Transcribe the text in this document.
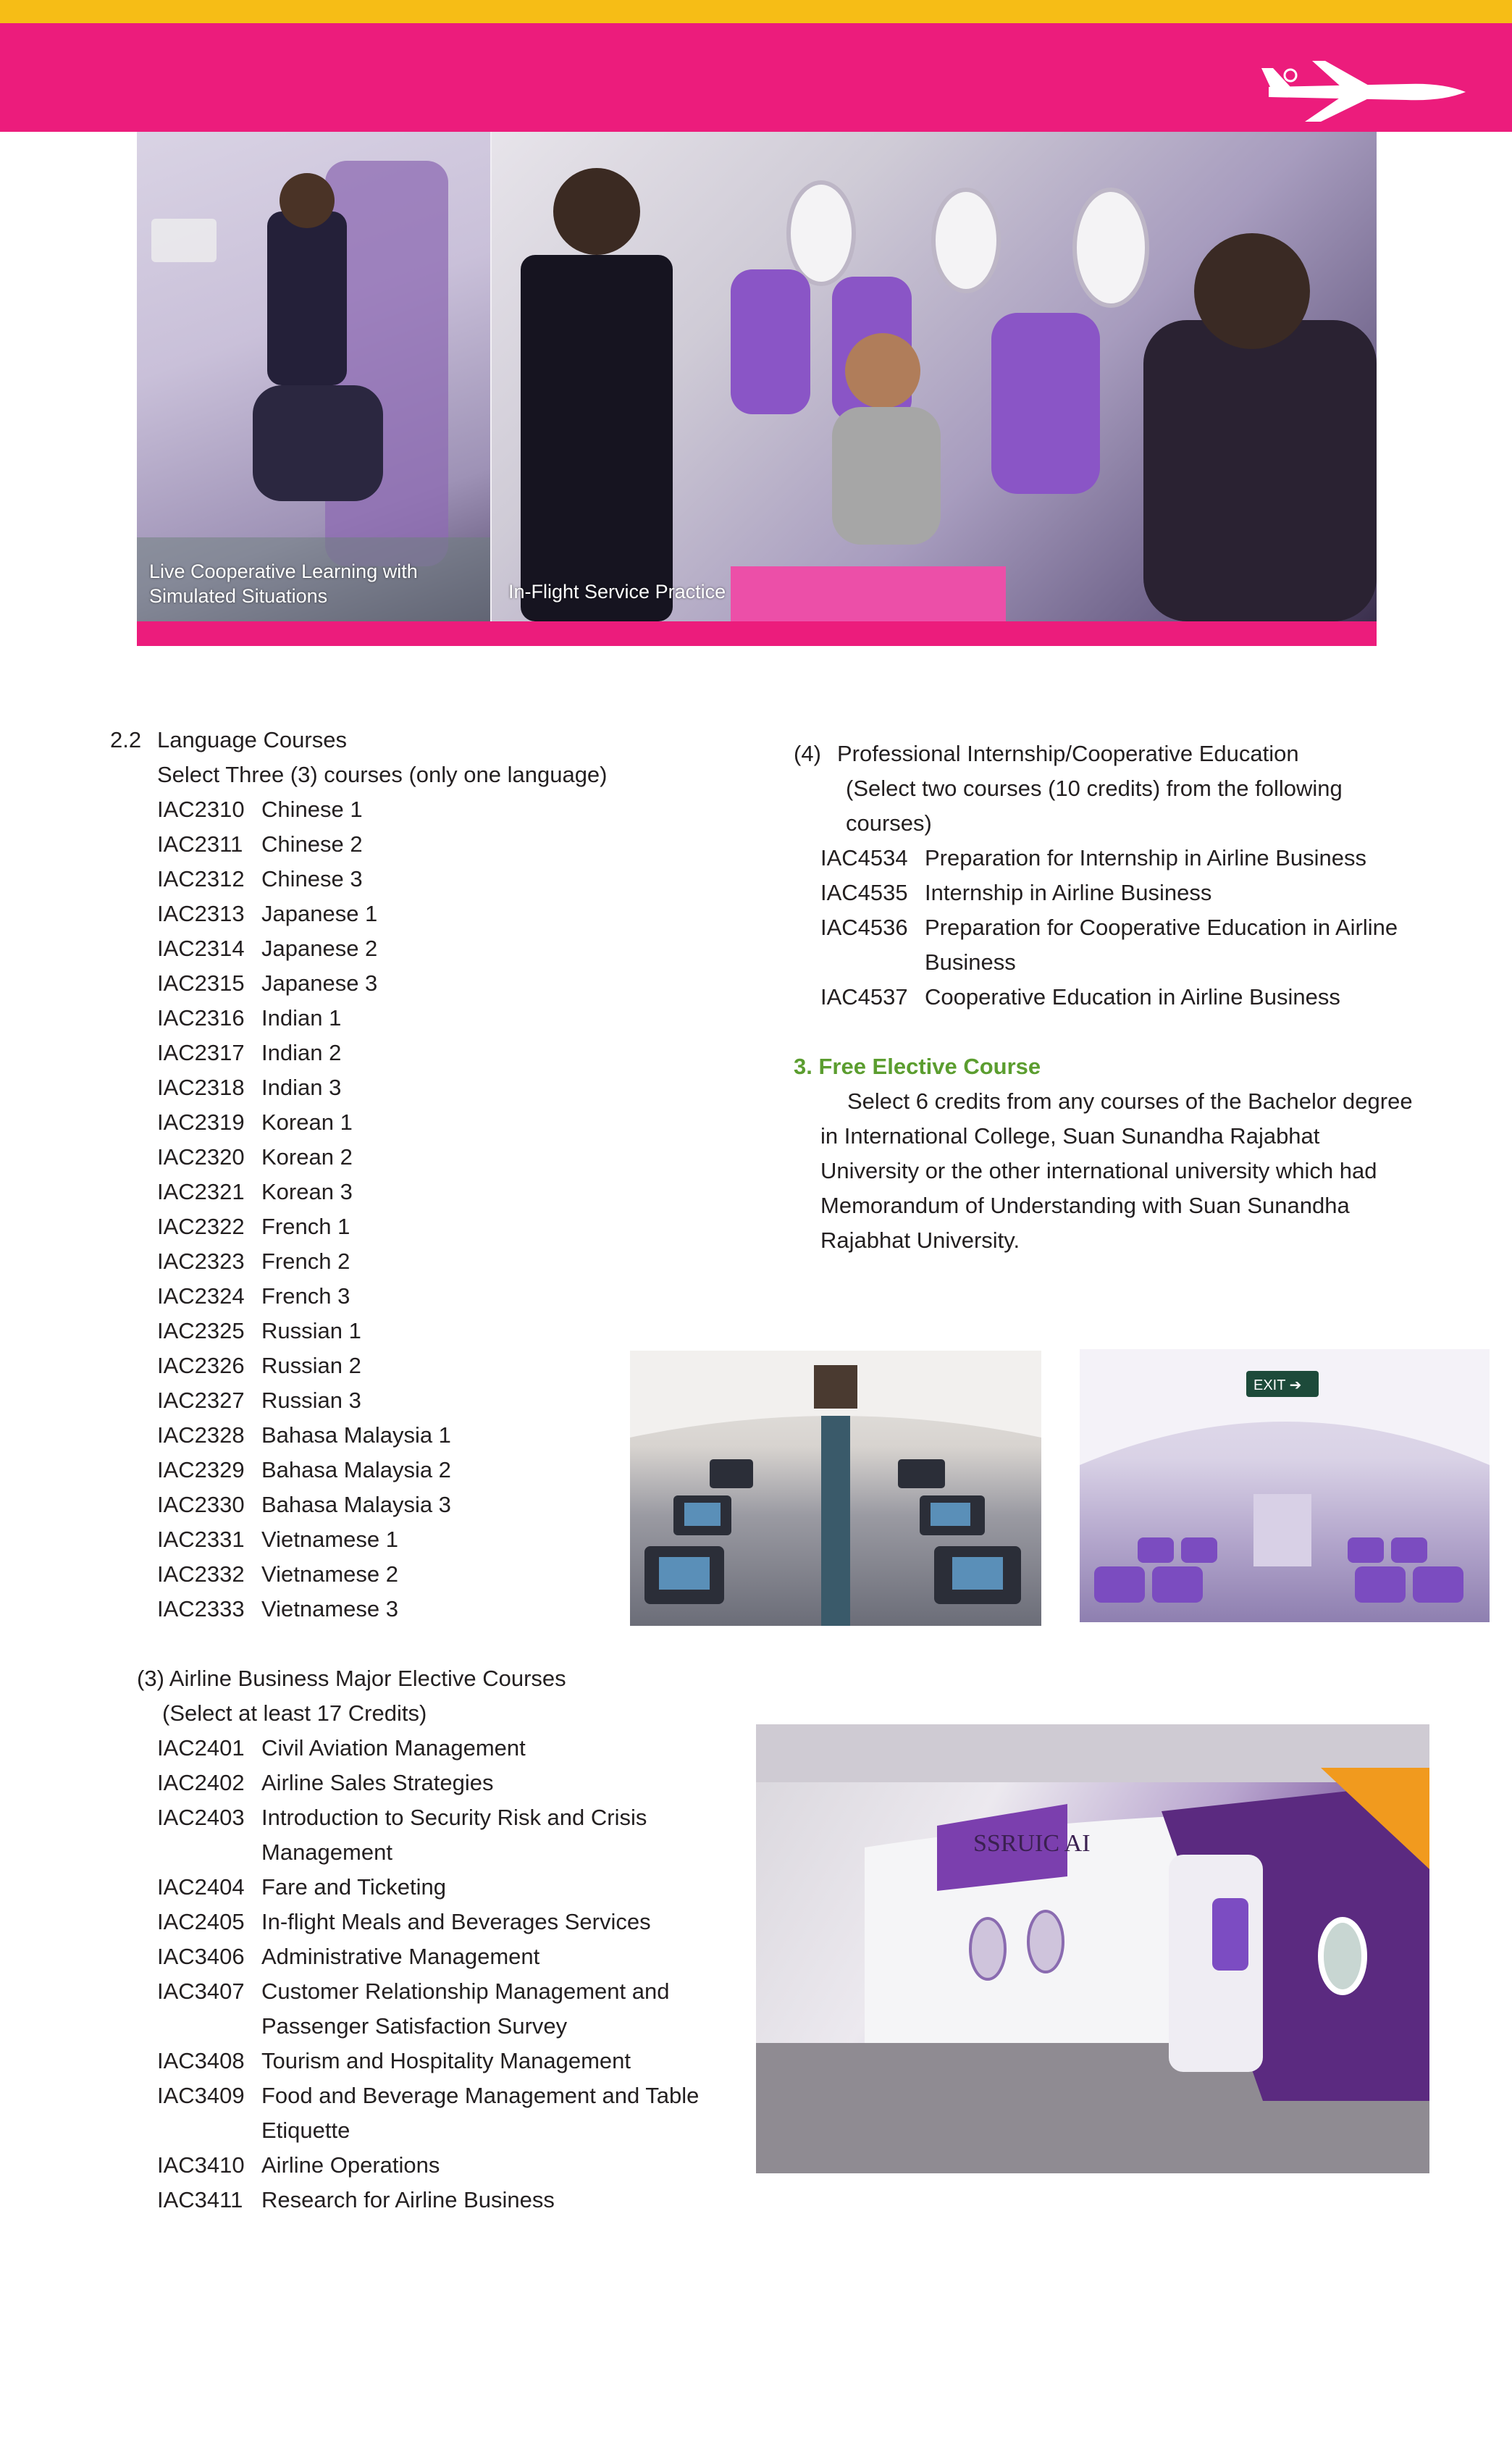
Live Cooperative Learning with Simulated Situations	In-Flight Service Practice
2.2 Language Courses
Select Three (3) courses (only one language)
IAC2310 Chinese 1
IAC2311 Chinese 2
IAC2312 Chinese 3
IAC2313 Japanese 1
IAC2314 Japanese 2
IAC2315 Japanese 3
IAC2316 Indian 1
IAC2317 Indian 2
IAC2318 Indian 3
IAC2319 Korean 1
IAC2320 Korean 2
IAC2321 Korean 3
IAC2322 French 1
IAC2323 French 2
IAC2324 French 3
IAC2325 Russian 1
IAC2326 Russian 2
IAC2327 Russian 3
IAC2328 Bahasa Malaysia 1
IAC2329 Bahasa Malaysia 2
IAC2330 Bahasa Malaysia 3
IAC2331 Vietnamese 1
IAC2332 Vietnamese 2
IAC2333 Vietnamese 3
(3) Airline Business Major Elective Courses
(Select at least 17 Credits)
IAC2401 Civil Aviation Management
IAC2402 Airline Sales Strategies
IAC2403 Introduction to Security Risk and Crisis Management
IAC2404 Fare and Ticketing
IAC2405 In-flight Meals and Beverages Services
IAC3406 Administrative Management
IAC3407 Customer Relationship Management and Passenger Satisfaction Survey
IAC3408 Tourism and Hospitality Management
IAC3409 Food and Beverage Management and Table Etiquette
IAC3410 Airline Operations
IAC3411 Research for Airline Business
(4) Professional Internship/Cooperative Education
(Select two courses (10 credits) from the following courses)
IAC4534 Preparation for Internship in Airline Business
IAC4535 Internship in Airline Business
IAC4536 Preparation for Cooperative Education in Airline Business
IAC4537 Cooperative Education in Airline Business
3. Free Elective Course
Select 6 credits from any courses of the Bachelor degree in International College, Suan Sunandha Rajabhat University or the other international university which had Memorandum of Understanding with Suan Sunandha Rajabhat University.
EXIT ➔
SSRUIC AI
